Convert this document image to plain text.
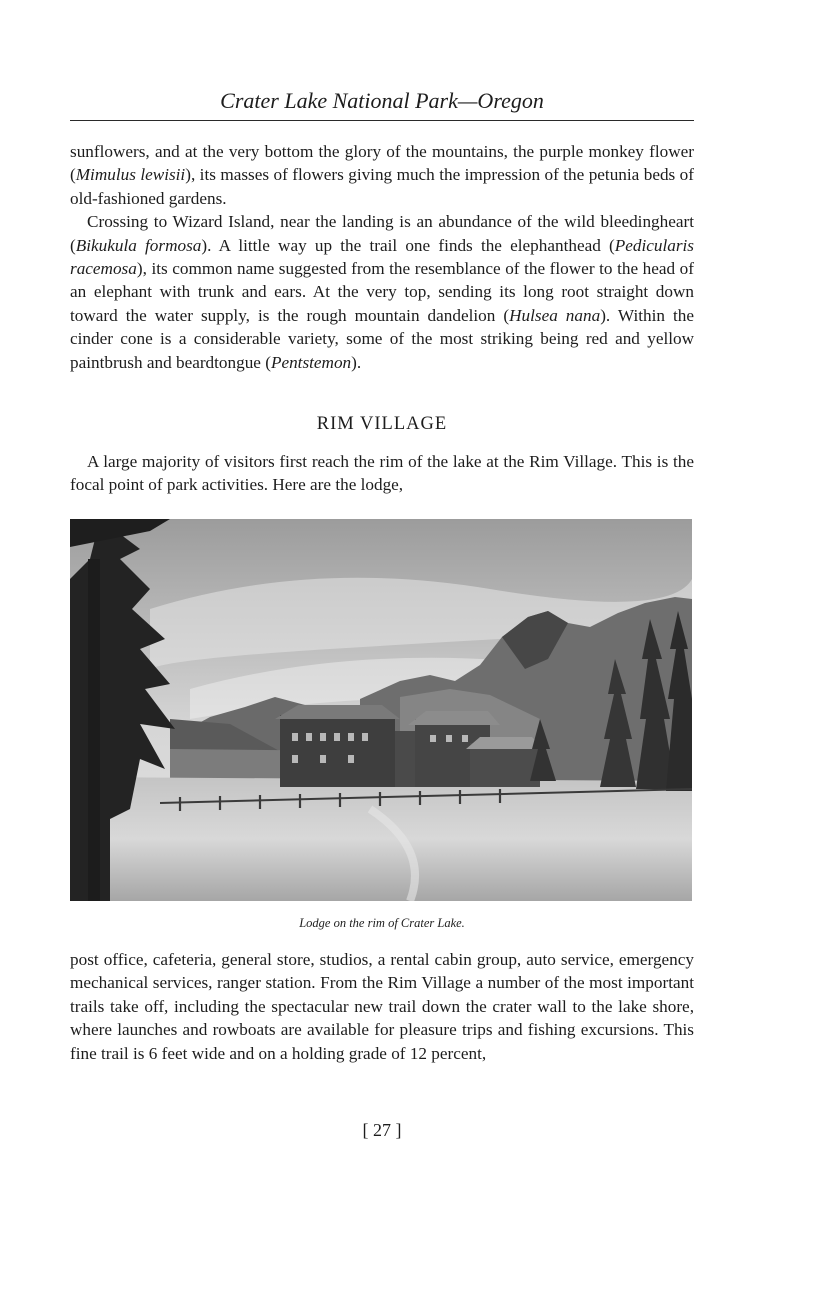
Crater Lake National Park—Oregon

sunflowers, and at the very bottom the glory of the mountains, the purple monkey flower (Mimulus lewisii), its masses of flowers giving much the impression of the petunia beds of old-fashioned gardens.

Crossing to Wizard Island, near the landing is an abundance of the wild bleedingheart (Bikukula formosa). A little way up the trail one finds the elephanthead (Pedicularis racemosa), its common name suggested from the resemblance of the flower to the head of an elephant with trunk and ears. At the very top, sending its long root straight down toward the water supply, is the rough mountain dandelion (Hulsea nana). Within the cinder cone is a considerable variety, some of the most striking being red and yellow paintbrush and beardtongue (Pentstemon).

RIM VILLAGE

A large majority of visitors first reach the rim of the lake at the Rim Village. This is the focal point of park activities. Here are the lodge,

Lodge on the rim of Crater Lake.

post office, cafeteria, general store, studios, a rental cabin group, auto service, emergency mechanical services, ranger station. From the Rim Village a number of the most important trails take off, including the spectacular new trail down the crater wall to the lake shore, where launches and rowboats are available for pleasure trips and fishing excursions. This fine trail is 6 feet wide and on a holding grade of 12 percent,

[ 27 ]
